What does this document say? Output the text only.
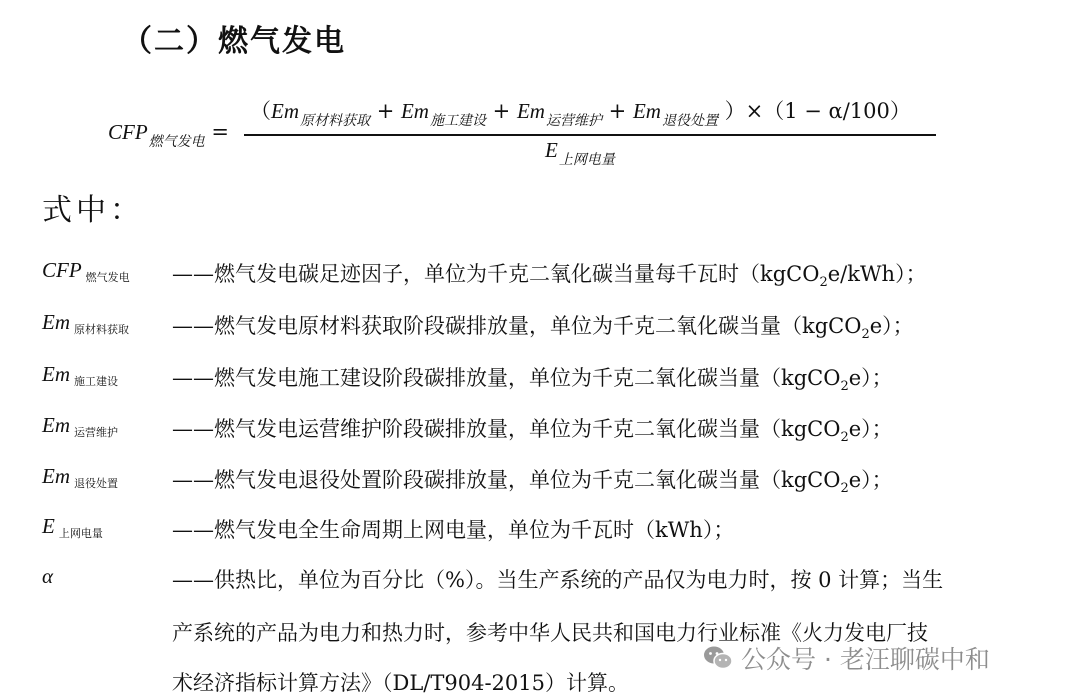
（二）燃气发电
$CFP_{燃气发电}$ =
（$Em_{原材料获取} + Em_{施工建设} + Em_{运营维护} + Em_{退役处置}$ ）×（1 − α/100）
$E_{上网电量}$
式中：
CFP 燃气发电 ——燃气发电碳足迹因子，单位为千克二氧化碳当量每千瓦时（kgCO$_2$e/kWh）；
Em 原材料获取 ——燃气发电原材料获取阶段碳排放量，单位为千克二氧化碳当量（kgCO$_2$e）；
Em 施工建设	——燃气发电施工建设阶段碳排放量，单位为千克二氧化碳当量（kgCO$_2$e）；
Em 运营维护	——燃气发电运营维护阶段碳排放量，单位为千克二氧化碳当量（kgCO$_2$e）；
Em 退役处置	——燃气发电退役处置阶段碳排放量，单位为千克二氧化碳当量（kgCO$_2$e）；
E上网电量	——燃气发电全生命周期上网电量，单位为千瓦时（kWh）；
α	——供热比，单位为百分比（%）。当生产系统的产品仅为电力时，按 0 计算；当生
产系统的产品为电力和热力时，参考中华人民共和国电力行业标准《火力发电厂技
术经济指标计算方法》（DL/T904-2015）计算。
公众号 · 老汪聊碳中和
